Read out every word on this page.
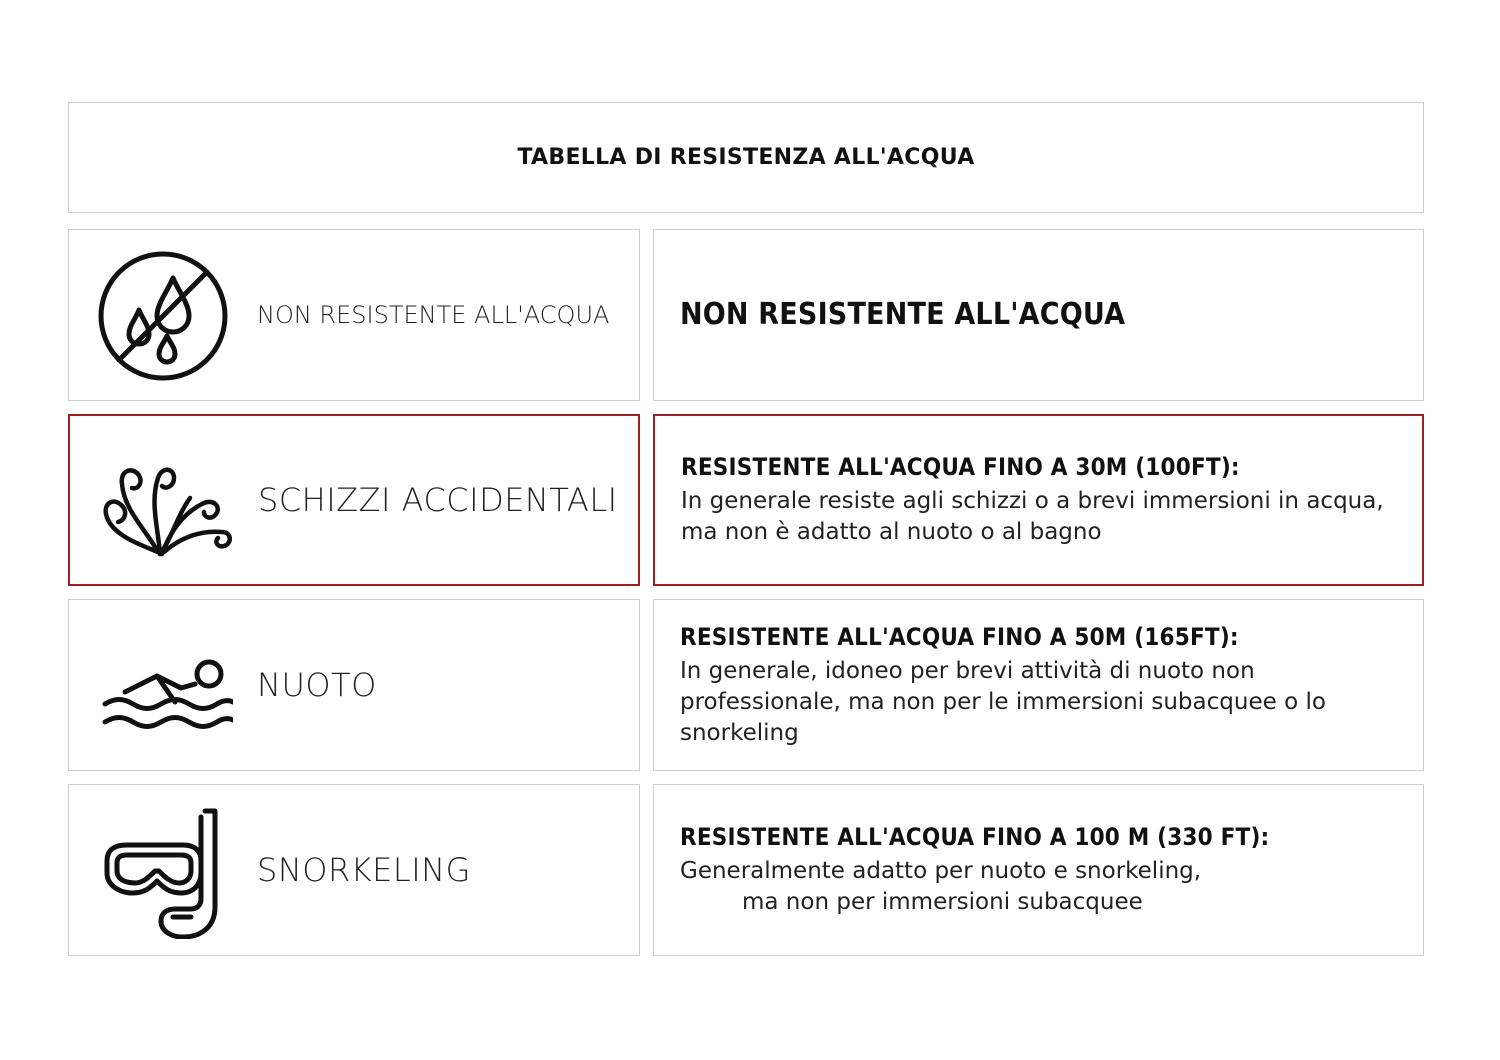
TABELLA DI RESISTENZA ALL'ACQUA
NON RESISTENTE ALL'ACQUA NON RESISTENTE ALL'ACQUA
SCHIZZI ACCIDENTALI
RESISTENTE ALL'ACQUA FINO A 30M (100FT):
In generale resiste agli schizzi o a brevi immersioni in acqua, ma non è adatto al nuoto o al bagno
NUOTO
RESISTENTE ALL'ACQUA FINO A 50M (165FT):
In generale, idoneo per brevi attività di nuoto non professionale, ma non per le immersioni subacquee o lo snorkeling
SNORKELING
RESISTENTE ALL'ACQUA FINO A 100 M (330 FT):
Generalmente adatto per nuoto e snorkeling,
ma non per immersioni subacquee
